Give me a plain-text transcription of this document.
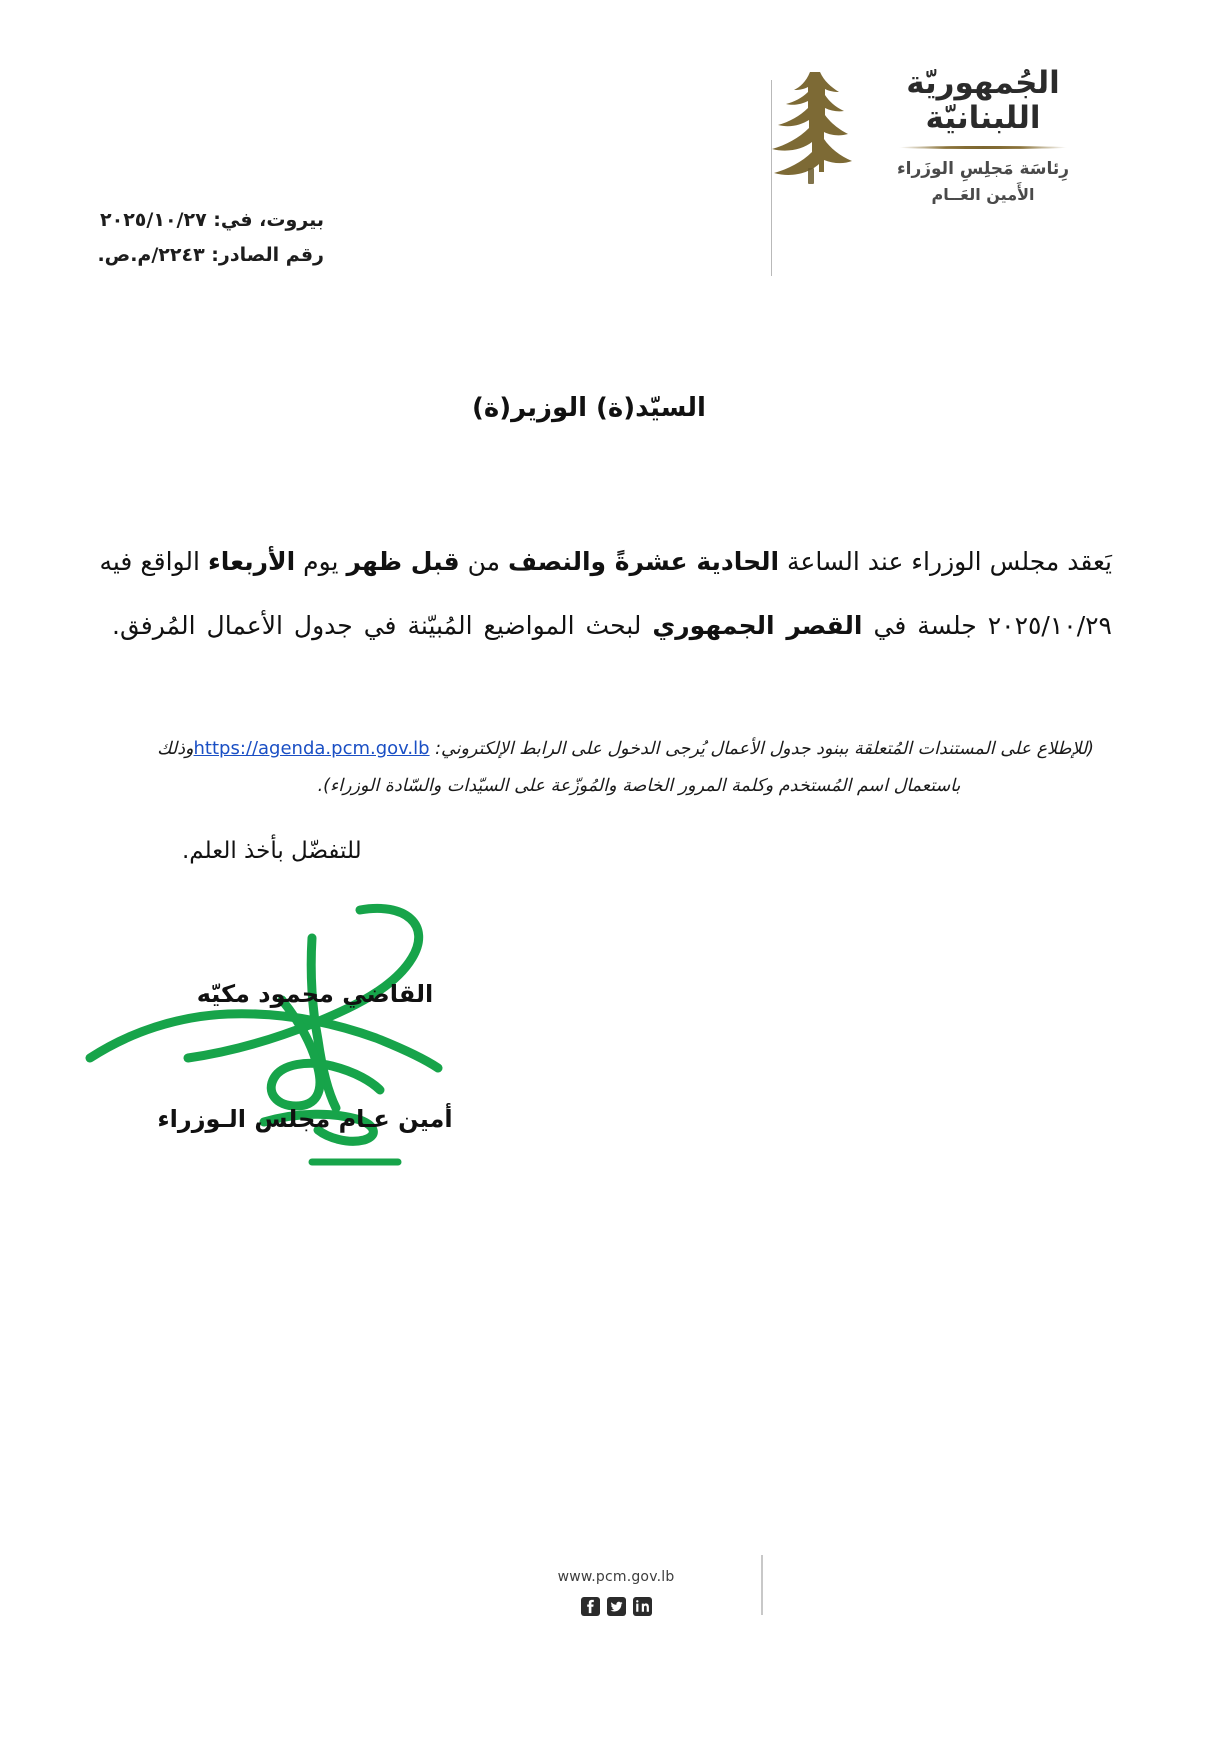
الجُمهوريّة
اللبنانيّة
رِئاسَة مَجلِسِ الوزَراء
الأَمين العَــام
بيروت، في: ٢٠٢٥/١٠/٢٧
رقم الصادر: ٢٢٤٣/م.ص.
السيّد(ة) الوزير(ة)
يَعقد مجلس الوزراء عند الساعة الحادية عشرةً والنصف من قبل ظهر يوم الأربعاء الواقع فيه
٢٠٢٥/١٠/٢٩ جلسة في القصر الجمهوري لبحث المواضيع المُبيّنة في جدول الأعمال المُرفق.
(للإطلاع على المستندات المُتعلقة ببنود جدول الأعمال يُرجى الدخول على الرابط الإلكتروني: https://agenda.pcm.gov.lbوذلك
باستعمال اسم المُستخدم وكلمة المرور الخاصة والمُوزّعة على السيّدات والسّادة الوزراء).
للتفضّل بأخذ العلم.
القاضي محمود مكيّه
أمين عـام مجلس الـوزراء
www.pcm.gov.lb
